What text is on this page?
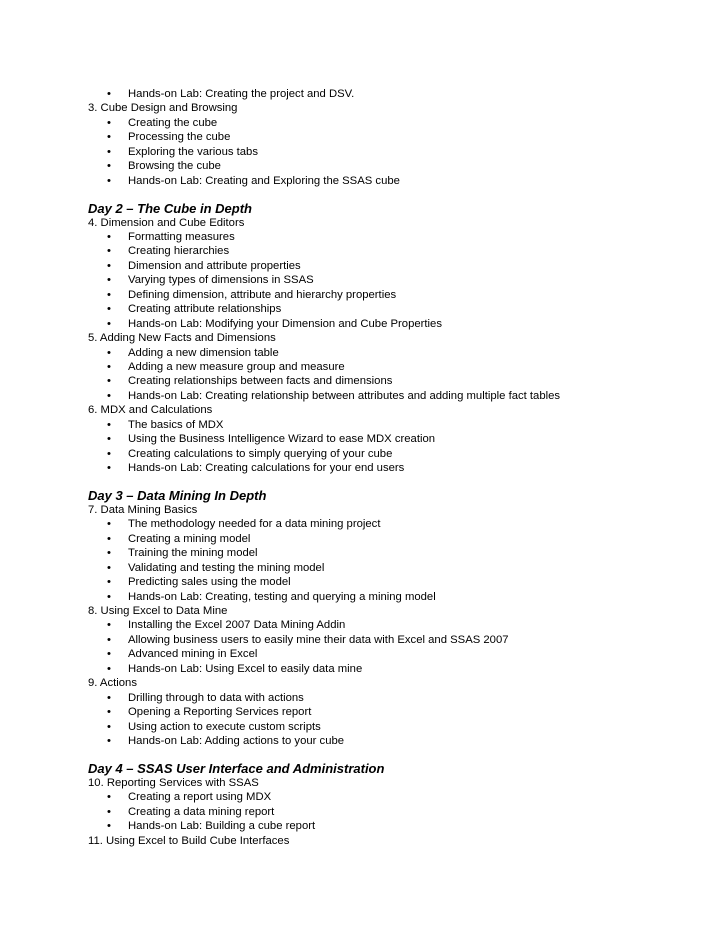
• Hands-on Lab: Creating the project and DSV.
3. Cube Design and Browsing
• Creating the cube
• Processing the cube
• Exploring the various tabs
• Browsing the cube
• Hands-on Lab: Creating and Exploring the SSAS cube
Day 2 – The Cube in Depth
4. Dimension and Cube Editors
• Formatting measures
• Creating hierarchies
• Dimension and attribute properties
• Varying types of dimensions in SSAS
• Defining dimension, attribute and hierarchy properties
• Creating attribute relationships
• Hands-on Lab: Modifying your Dimension and Cube Properties
5. Adding New Facts and Dimensions
• Adding a new dimension table
• Adding a new measure group and measure
• Creating relationships between facts and dimensions
• Hands-on Lab: Creating relationship between attributes and adding multiple fact tables
6. MDX and Calculations
• The basics of MDX
• Using the Business Intelligence Wizard to ease MDX creation
• Creating calculations to simply querying of your cube
• Hands-on Lab: Creating calculations for your end users
Day 3 – Data Mining In Depth
7. Data Mining Basics
• The methodology needed for a data mining project
• Creating a mining model
• Training the mining model
• Validating and testing the mining model
• Predicting sales using the model
• Hands-on Lab: Creating, testing and querying a mining model
8. Using Excel to Data Mine
• Installing the Excel 2007 Data Mining Addin
• Allowing business users to easily mine their data with Excel and SSAS 2007
• Advanced mining in Excel
• Hands-on Lab: Using Excel to easily data mine
9. Actions
• Drilling through to data with actions
• Opening a Reporting Services report
• Using action to execute custom scripts
• Hands-on Lab: Adding actions to your cube
Day 4 – SSAS User Interface and Administration
10. Reporting Services with SSAS
• Creating a report using MDX
• Creating a data mining report
• Hands-on Lab: Building a cube report
11. Using Excel to Build Cube Interfaces
